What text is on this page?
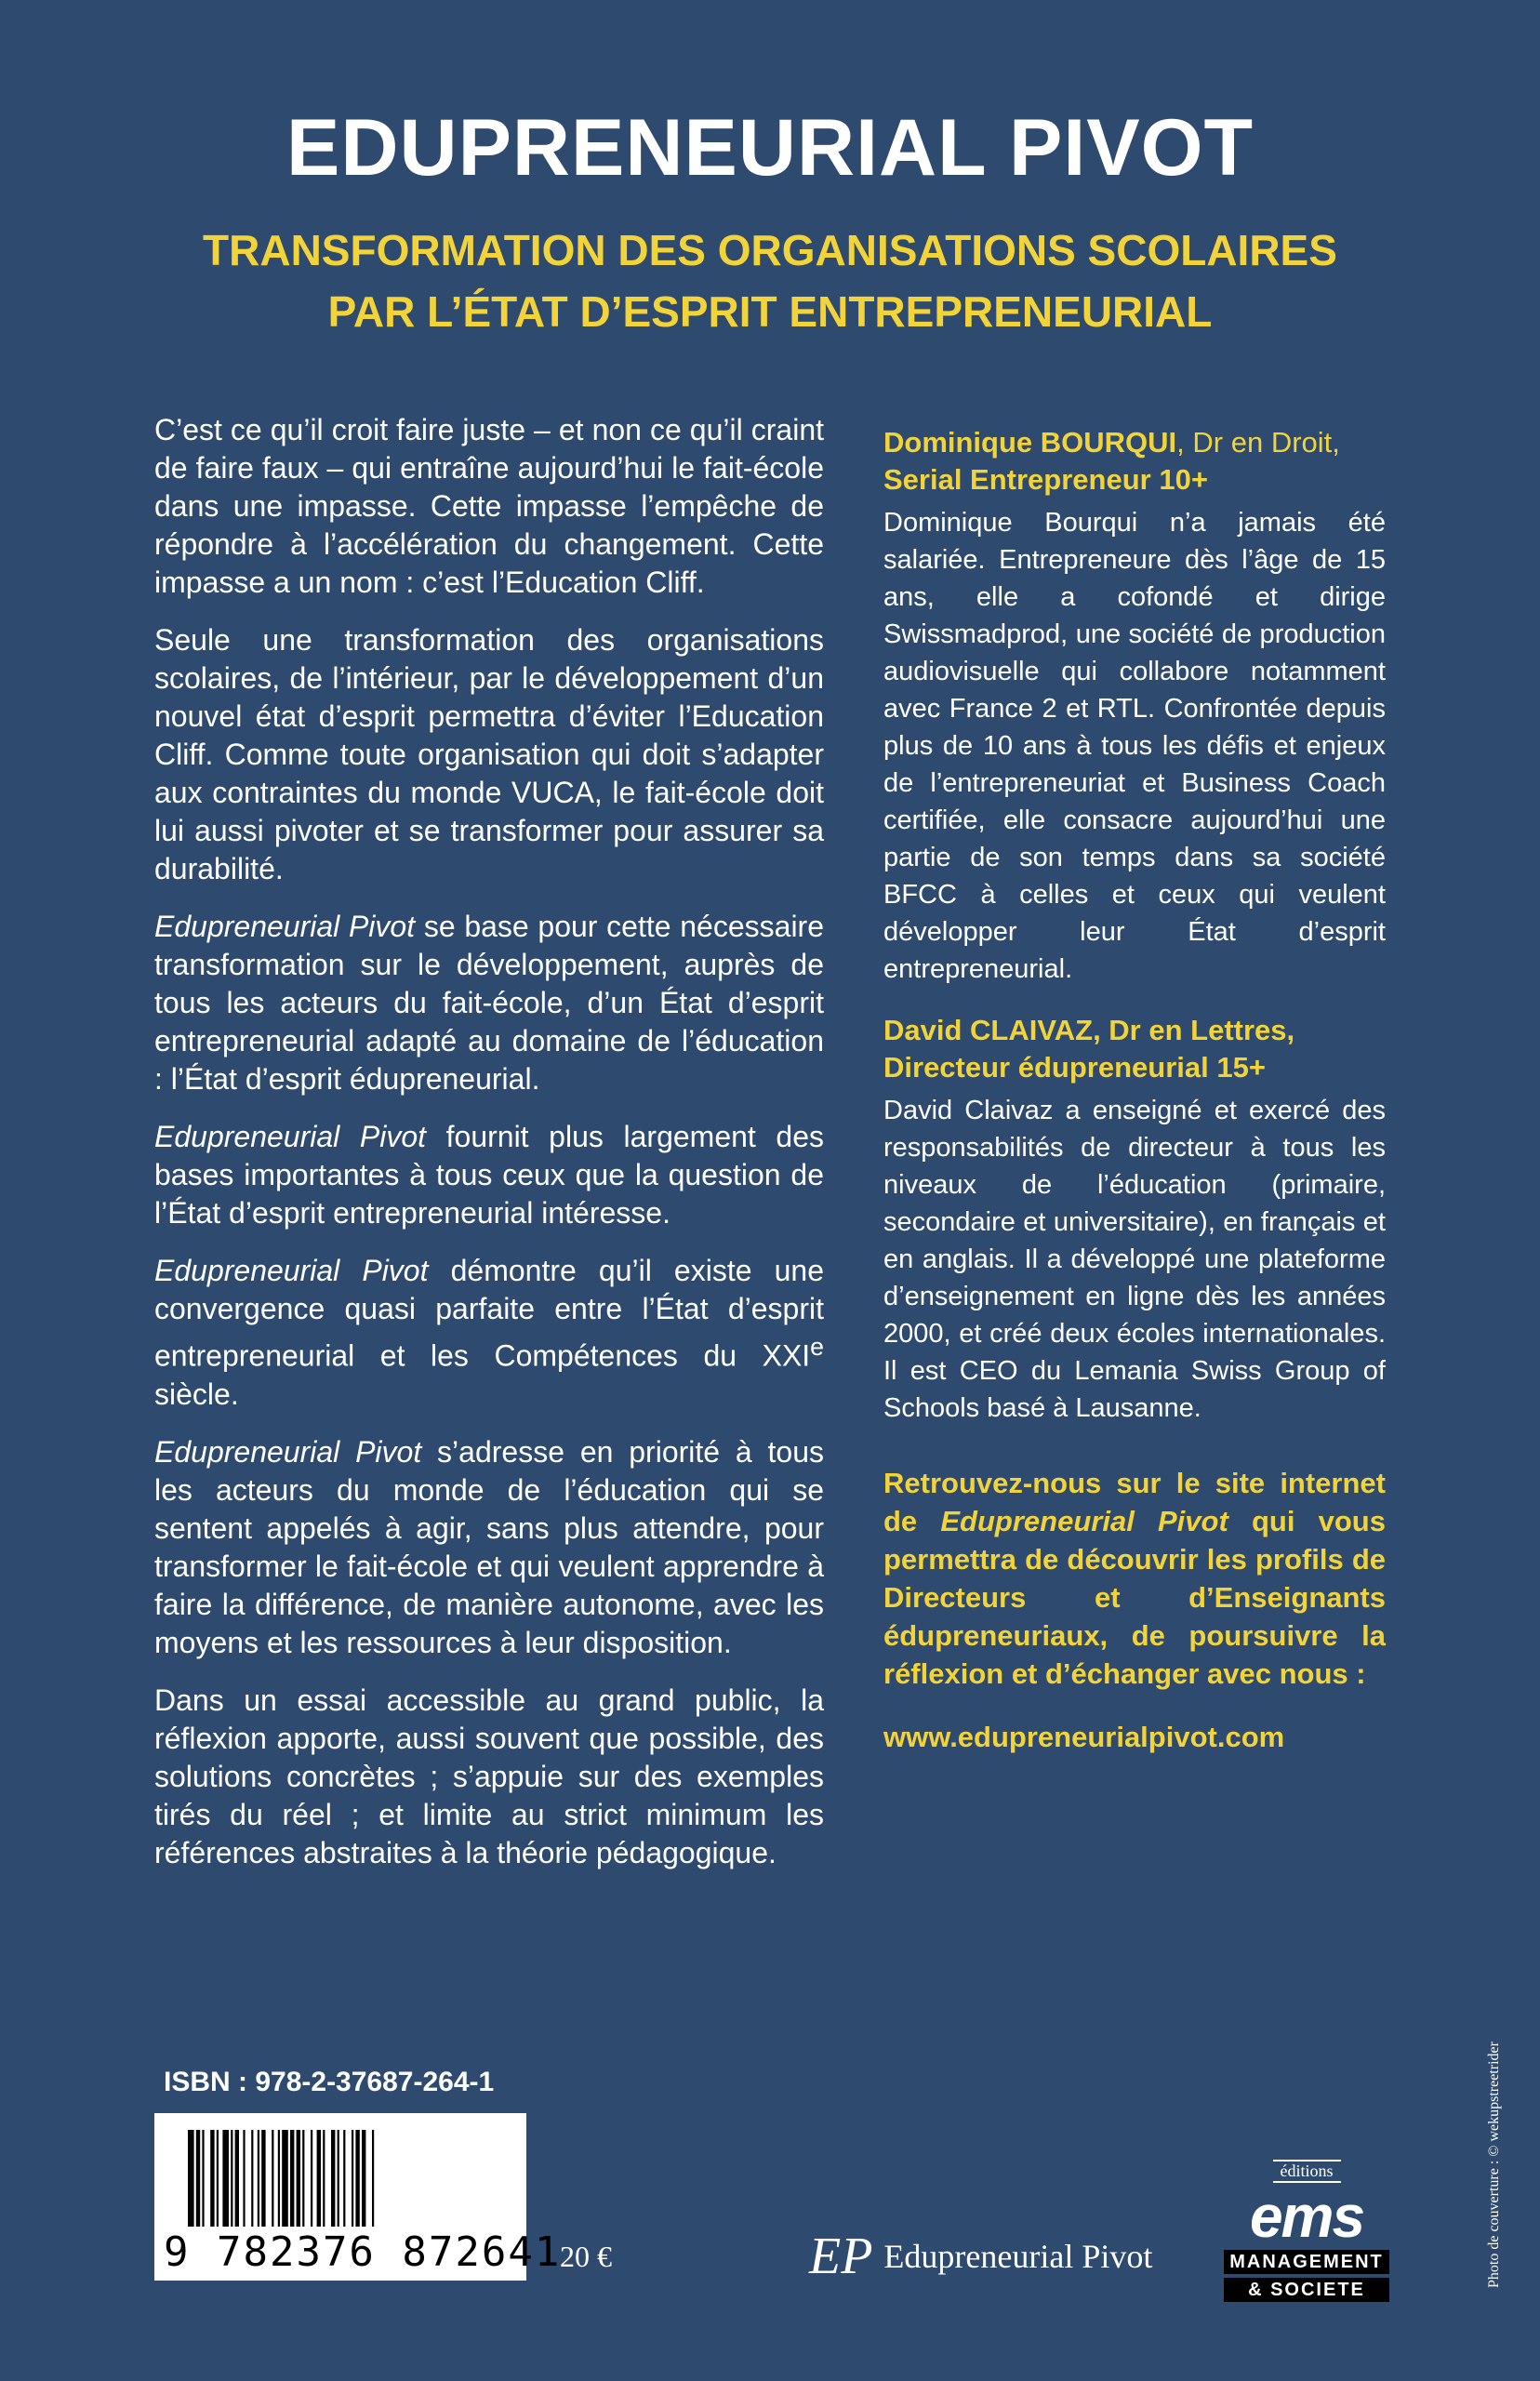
EDUPRENEURIAL PIVOT
TRANSFORMATION DES ORGANISATIONS SCOLAIRES
PAR L’ÉTAT D’ESPRIT ENTREPRENEURIAL

C’est ce qu’il croit faire juste – et non ce qu’il craint de faire faux – qui entraîne aujourd’hui le fait-école dans une impasse. Cette impasse l’empêche de répondre à l’accélération du changement. Cette impasse a un nom : c’est l’Education Cliff.

Seule une transformation des organisations scolaires, de l’intérieur, par le développement d’un nouvel état d’esprit permettra d’éviter l’Education Cliff. Comme toute organisation qui doit s’adapter aux contraintes du monde VUCA, le fait-école doit lui aussi pivoter et se transformer pour assurer sa durabilité.

Edupreneurial Pivot se base pour cette nécessaire transformation sur le développement, auprès de tous les acteurs du fait-école, d’un État d’esprit entrepreneurial adapté au domaine de l’éducation : l’État d’esprit édupreneurial.

Edupreneurial Pivot fournit plus largement des bases importantes à tous ceux que la question de l’État d’esprit entrepreneurial intéresse.

Edupreneurial Pivot démontre qu’il existe une convergence quasi parfaite entre l’État d’esprit entrepreneurial et les Compétences du XXIe siècle.

Edupreneurial Pivot s’adresse en priorité à tous les acteurs du monde de l’éducation qui se sentent appelés à agir, sans plus attendre, pour transformer le fait-école et qui veulent apprendre à faire la différence, de manière autonome, avec les moyens et les ressources à leur disposition.

Dans un essai accessible au grand public, la réflexion apporte, aussi souvent que possible, des solutions concrètes ; s’appuie sur des exemples tirés du réel ; et limite au strict minimum les références abstraites à la théorie pédagogique.

Dominique BOURQUI, Dr en Droit,
Serial Entrepreneur 10+

Dominique Bourqui n’a jamais été salariée. Entrepreneure dès l’âge de 15 ans, elle a cofondé et dirige Swissmadprod, une société de production audiovisuelle qui collabore notamment avec France 2 et RTL. Confrontée depuis plus de 10 ans à tous les défis et enjeux de l’entrepreneuriat et Business Coach certifiée, elle consacre aujourd’hui une partie de son temps dans sa société BFCC à celles et ceux qui veulent développer leur État d’esprit entrepreneurial.

David CLAIVAZ, Dr en Lettres,
Directeur édupreneurial 15+

David Claivaz a enseigné et exercé des responsabilités de directeur à tous les niveaux de l’éducation (primaire, secondaire et universitaire), en français et en anglais. Il a développé une plateforme d’enseignement en ligne dès les années 2000, et créé deux écoles internationales. Il est CEO du Lemania Swiss Group of Schools basé à Lausanne.

Retrouvez-nous sur le site internet de Edupreneurial Pivot qui vous permettra de découvrir les profils de Directeurs et d’Enseignants édupreneuriaux, de poursuivre la réflexion et d’échanger avec nous :

www.edupreneurialpivot.com

ISBN : 978-2-37687-264-1

9 782376 872641

20 €	EP Edupreneurial Pivot
éditions
ems
MANAGEMENT
& SOCIETE
Photo de couverture : © wekupstreetrider
